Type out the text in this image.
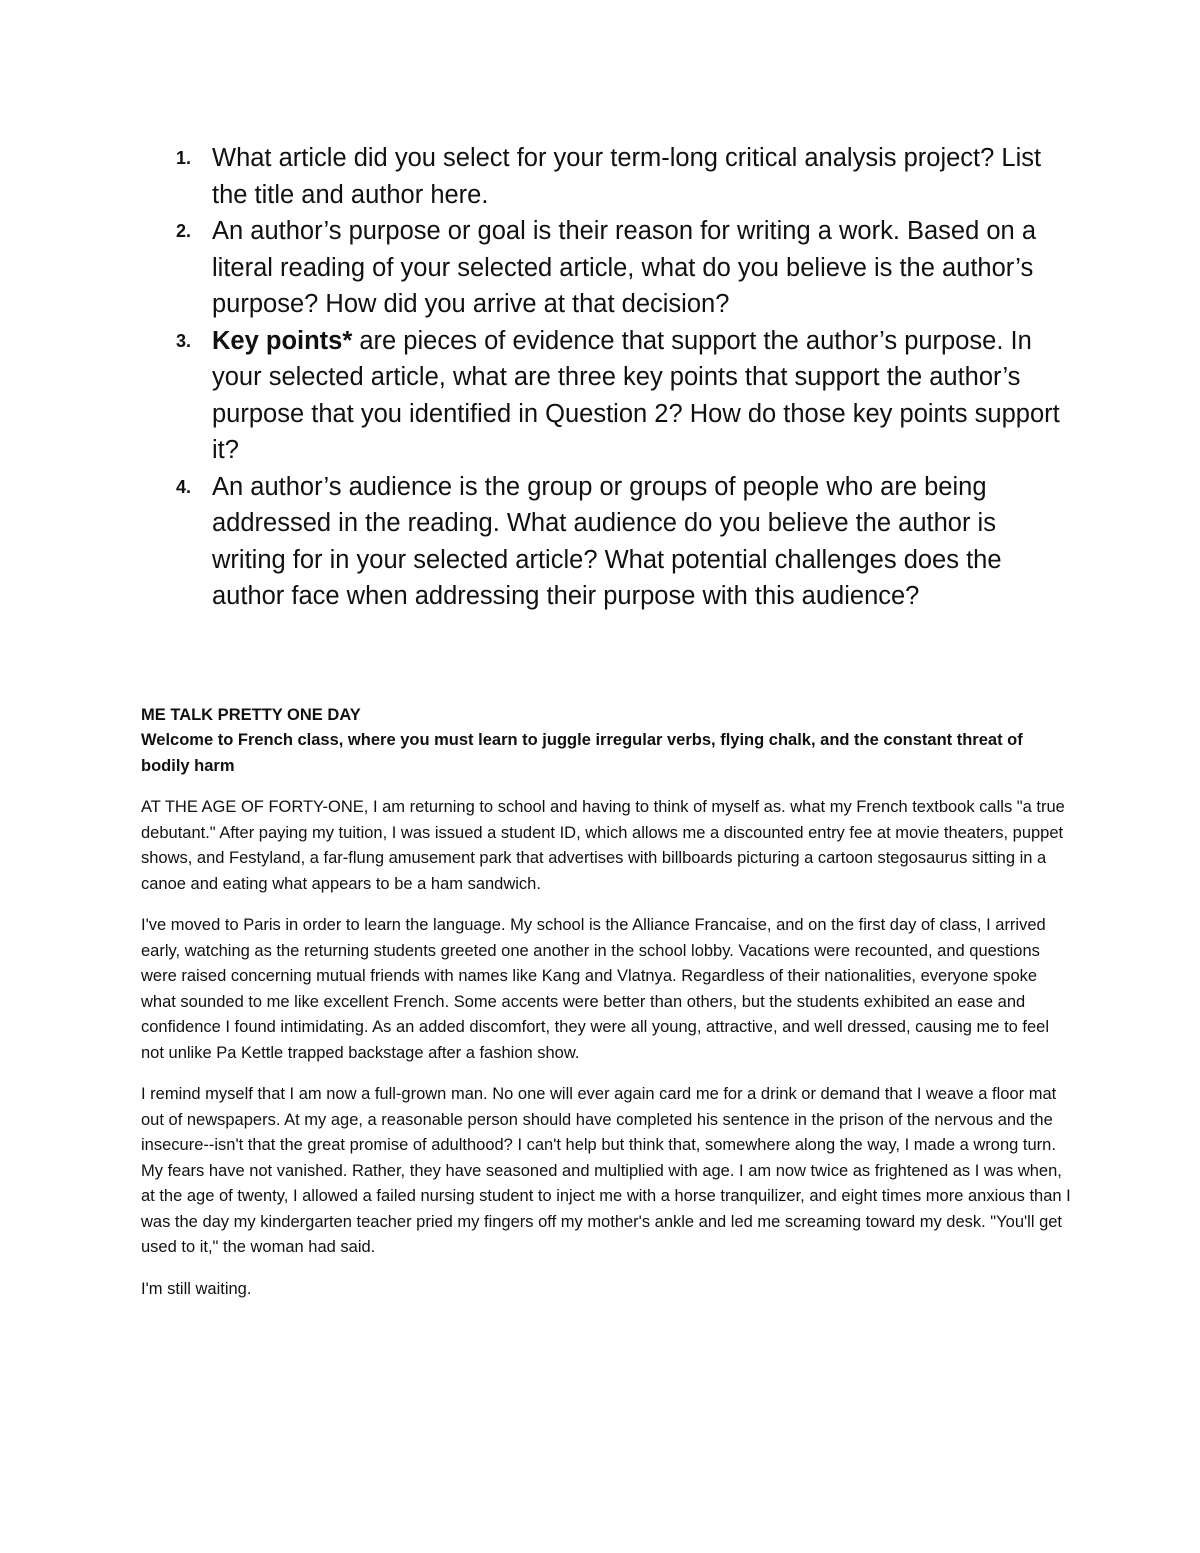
1. What article did you select for your term-long critical analysis project? List the title and author here.
2. An author’s purpose or goal is their reason for writing a work. Based on a literal reading of your selected article, what do you believe is the author’s purpose? How did you arrive at that decision?
3. Key points* are pieces of evidence that support the author’s purpose. In your selected article, what are three key points that support the author’s purpose that you identified in Question 2? How do those key points support it?
4. An author’s audience is the group or groups of people who are being addressed in the reading. What audience do you believe the author is writing for in your selected article? What potential challenges does the author face when addressing their purpose with this audience?

ME TALK PRETTY ONE DAY

Welcome to French class, where you must learn to juggle irregular verbs, flying chalk, and the constant threat of bodily harm

AT THE AGE OF FORTY-ONE, I am returning to school and having to think of myself as. what my French textbook calls "a true debutant." After paying my tuition, I was issued a student ID, which allows me a discounted entry fee at movie theaters, puppet shows, and Festyland, a far-flung amusement park that advertises with billboards picturing a cartoon stegosaurus sitting in a canoe and eating what appears to be a ham sandwich.

I've moved to Paris in order to learn the language. My school is the Alliance Francaise, and on the first day of class, I arrived early, watching as the returning students greeted one another in the school lobby. Vacations were recounted, and questions were raised concerning mutual friends with names like Kang and Vlatnya. Regardless of their nationalities, everyone spoke what sounded to me like excellent French. Some accents were better than others, but the students exhibited an ease and confidence I found intimidating. As an added discomfort, they were all young, attractive, and well dressed, causing me to feel not unlike Pa Kettle trapped backstage after a fashion show.

I remind myself that I am now a full-grown man. No one will ever again card me for a drink or demand that I weave a floor mat out of newspapers. At my age, a reasonable person should have completed his sentence in the prison of the nervous and the insecure--isn't that the great promise of adulthood? I can't help but think that, somewhere along the way, I made a wrong turn. My fears have not vanished. Rather, they have seasoned and multiplied with age. I am now twice as frightened as I was when, at the age of twenty, I allowed a failed nursing student to inject me with a horse tranquilizer, and eight times more anxious than I was the day my kindergarten teacher pried my fingers off my mother's ankle and led me screaming toward my desk. "You'll get used to it," the woman had said.

I'm still waiting.
